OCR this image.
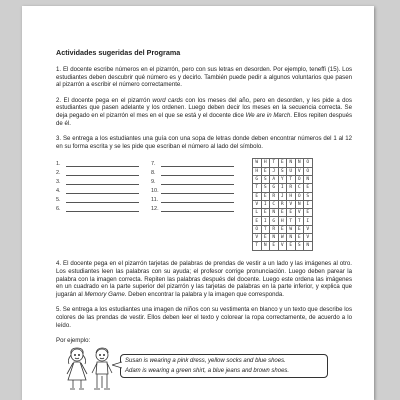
Actividades sugeridas del Programa

1. El docente escribe números en el pizarrón, pero con sus letras en desorden. Por ejemplo, teneffi (15). Los estudiantes deben descubrir qué número es y decirlo. También puede pedir a algunos voluntarios que pasen al pizarrón a escribir el número correctamente.

2. El docente pega en el pizarrón word cards con los meses del año, pero en desorden, y les pide a dos estudiantes que pasen adelante y los ordenen. Luego deben decir los meses en la secuencia correcta. Se deja pegado en el pizarrón el mes en el que se está y el docente dice We are in March. Ellos repiten después de él.

3. Se entrega a los estudiantes una guía con una sopa de letras donde deben encontrar números del 1 al 12 en su forma escrita y se les pide que escriban el número al lado del símbolo.

1.	7.
2.	8.
3.	9.
4.	10.
5.	11.
6.	12.
W	H	T	E	N	N	O
H	E	J	S	U	V	O
G	S	A	Y	T	O	N
T	S	G	I	R	C	E
E	E	R	J	H	O	S
V	I	C	R	V	N	I
L	E	N	E	E	V	E
E	I	G	H	T	T	I
O	T	R	E	W	E	V
V	E	N	W	N	E	V
T	N	E	V	E	S	N

4. El docente pega en el pizarrón tarjetas de palabras de prendas de vestir a un lado y las imágenes al otro. Los estudiantes leen las palabras con su ayuda; el profesor corrige pronunciación. Luego deben parear la palabra con la imagen correcta. Repiten las palabras después del docente. Luego este ordena las imágenes en un cuadrado en la parte superior del pizarrón y las tarjetas de palabras en la parte inferior, y explica que jugarán al Memory Game. Deben encontrar la palabra y la imagen que corresponda.

5. Se entrega a los estudiantes una imagen de niños con su vestimenta en blanco y un texto que describe los colores de las prendas de vestir. Ellos deben leer el texto y colorear la ropa correctamente, de acuerdo a lo leído.

Por ejemplo:

Susan is wearing a pink dress, yellow socks and blue shoes.

Adam is wearing a green shirt, a blue jeans and brown shoes.
